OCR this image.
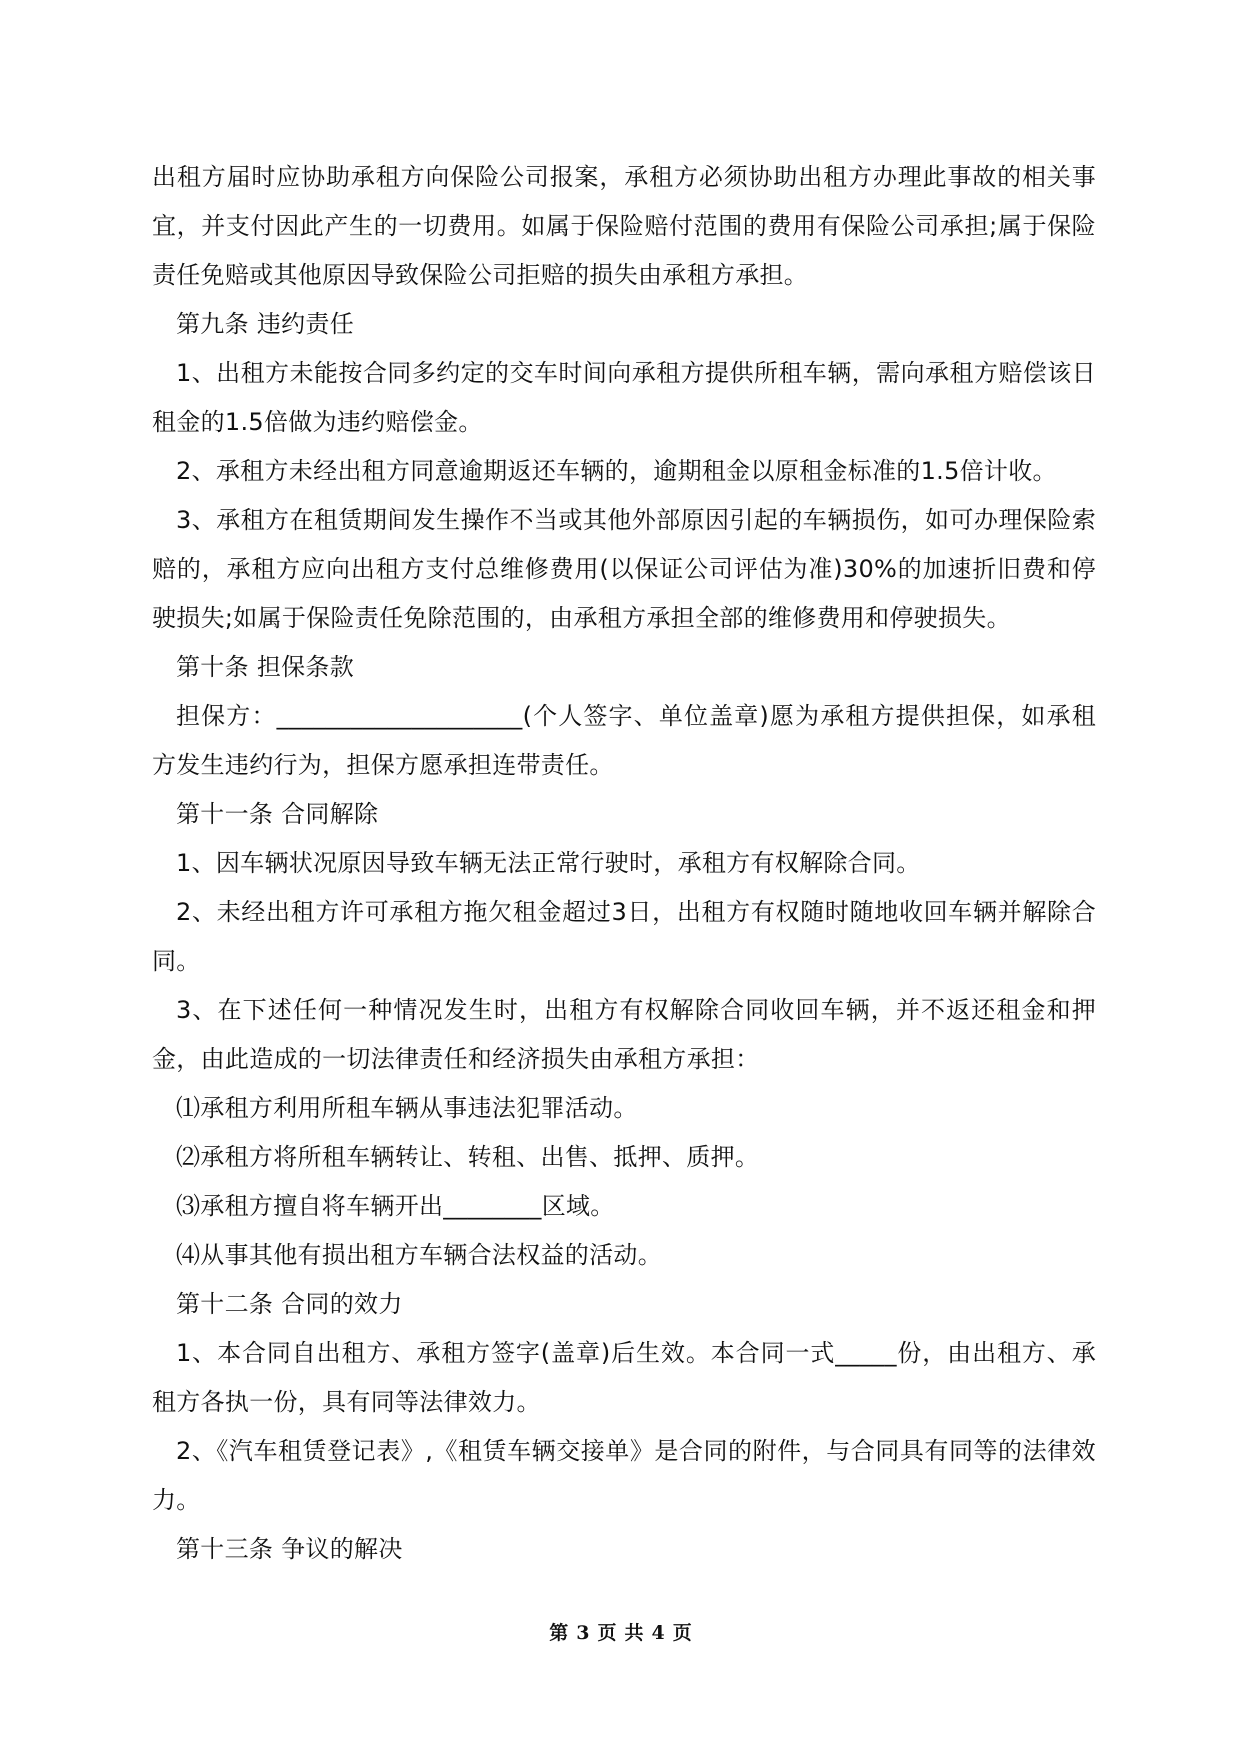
出租方届时应协助承租方向保险公司报案，承租方必须协助出租方办理此事故的相关事宜，并支付因此产生的一切费用。如属于保险赔付范围的费用有保险公司承担;属于保险责任免赔或其他原因导致保险公司拒赔的损失由承租方承担。

第九条 违约责任

1、出租方未能按合同多约定的交车时间向承租方提供所租车辆，需向承租方赔偿该日租金的1.5倍做为违约赔偿金。

2、承租方未经出租方同意逾期返还车辆的，逾期租金以原租金标准的1.5倍计收。

3、承租方在租赁期间发生操作不当或其他外部原因引起的车辆损伤，如可办理保险索赔的，承租方应向出租方支付总维修费用(以保证公司评估为准)30%的加速折旧费和停驶损失;如属于保险责任免除范围的，由承租方承担全部的维修费用和停驶损失。

第十条 担保条款

担保方：____________________(个人签字、单位盖章)愿为承租方提供担保，如承租方发生违约行为，担保方愿承担连带责任。

第十一条 合同解除

1、因车辆状况原因导致车辆无法正常行驶时，承租方有权解除合同。

2、未经出租方许可承租方拖欠租金超过3日，出租方有权随时随地收回车辆并解除合同。

3、在下述任何一种情况发生时，出租方有权解除合同收回车辆，并不返还租金和押金，由此造成的一切法律责任和经济损失由承租方承担：

⑴承租方利用所租车辆从事违法犯罪活动。

⑵承租方将所租车辆转让、转租、出售、抵押、质押。

⑶承租方擅自将车辆开出________区域。

⑷从事其他有损出租方车辆合法权益的活动。

第十二条 合同的效力

1、本合同自出租方、承租方签字(盖章)后生效。本合同一式_____份，由出租方、承租方各执一份，具有同等法律效力。

2、《汽车租赁登记表》,《租赁车辆交接单》是合同的附件，与合同具有同等的法律效力。

第十三条 争议的解决

第 3 页 共 4 页
